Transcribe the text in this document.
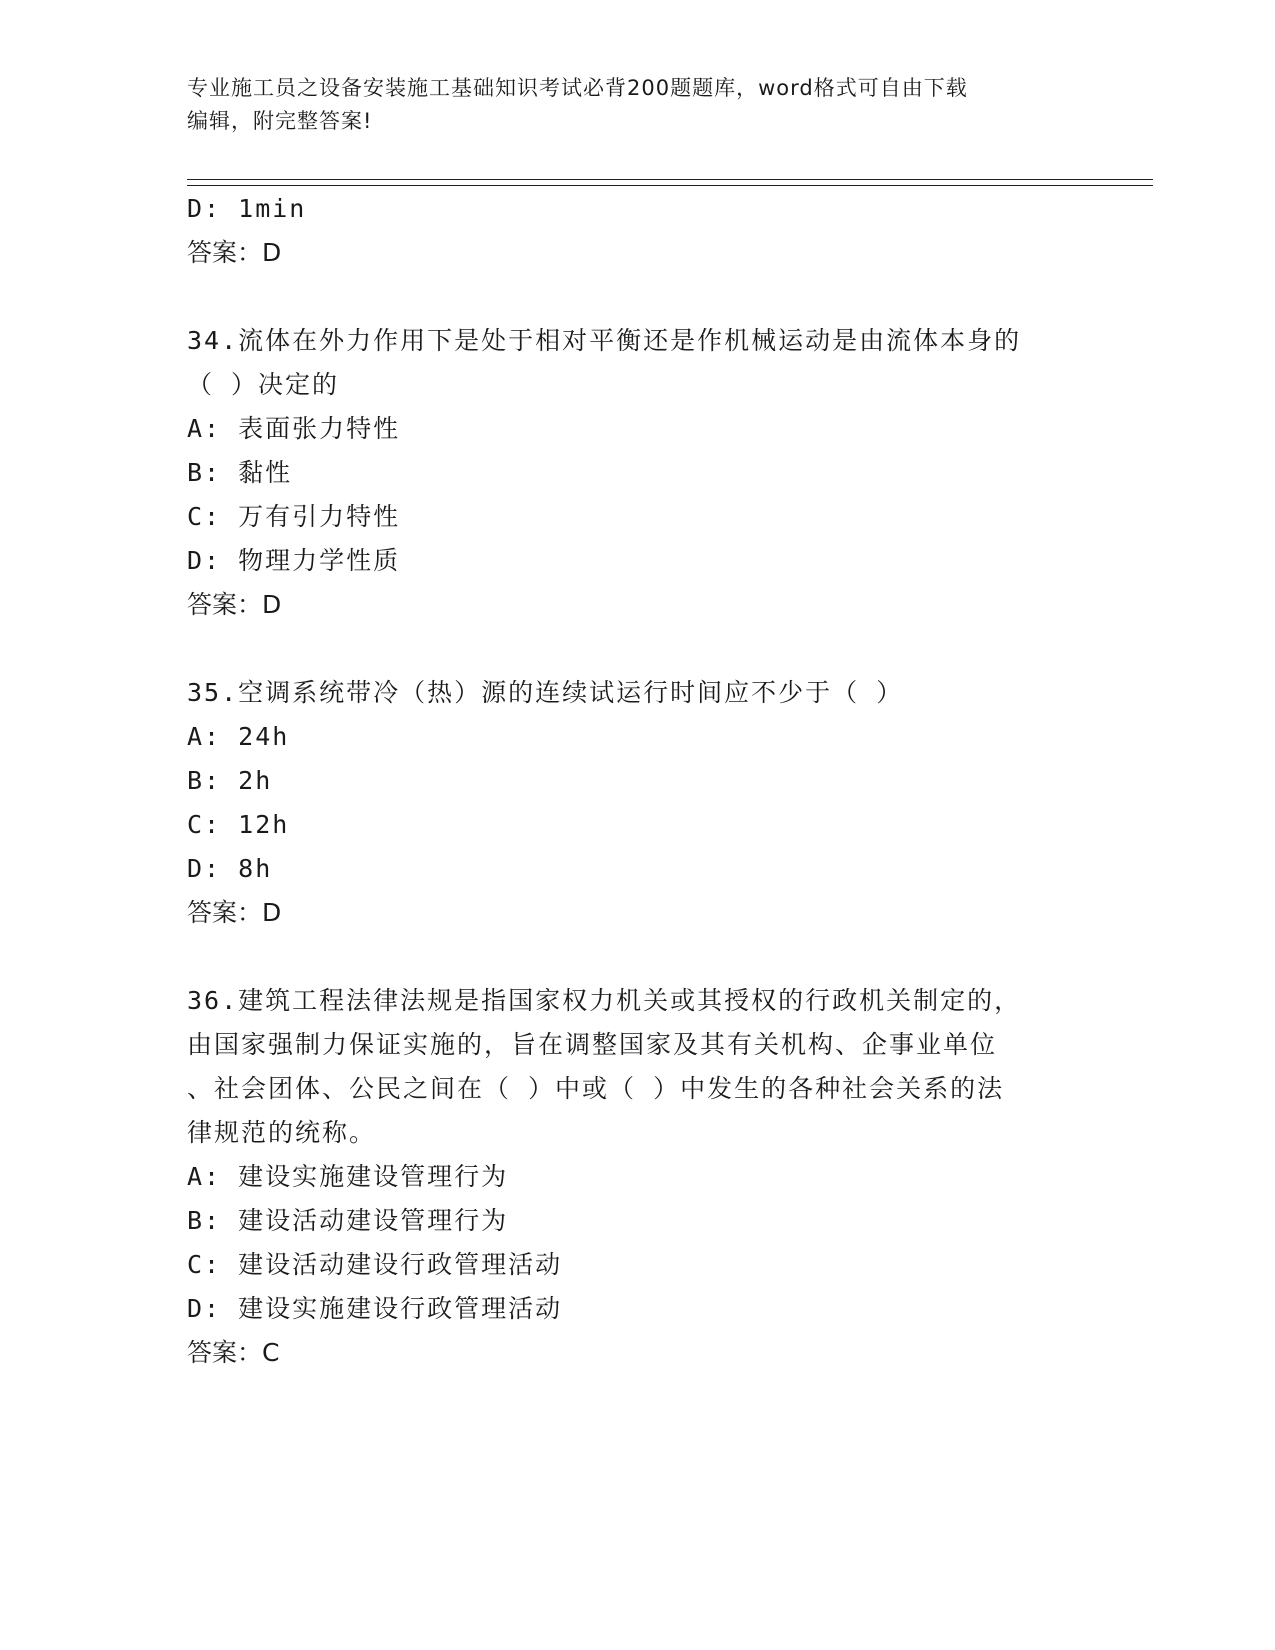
专业施工员之设备安装施工基础知识考试必背200题题库，word格式可自由下载
编辑，附完整答案!
D: 1min
答案：D
34.流体在外力作用下是处于相对平衡还是作机械运动是由流体本身的
（ ）决定的
A: 表面张力特性
B: 黏性
C: 万有引力特性
D: 物理力学性质
答案：D
35.空调系统带冷（热）源的连续试运行时间应不少于（ ）
A: 24h
B: 2h
C: 12h
D: 8h
答案：D
36.建筑工程法律法规是指国家权力机关或其授权的行政机关制定的，
由国家强制力保证实施的，旨在调整国家及其有关机构、企事业单位
、社会团体、公民之间在（ ）中或（ ）中发生的各种社会关系的法
律规范的统称。
A: 建设实施建设管理行为
B: 建设活动建设管理行为
C: 建设活动建设行政管理活动
D: 建设实施建设行政管理活动
答案：C
